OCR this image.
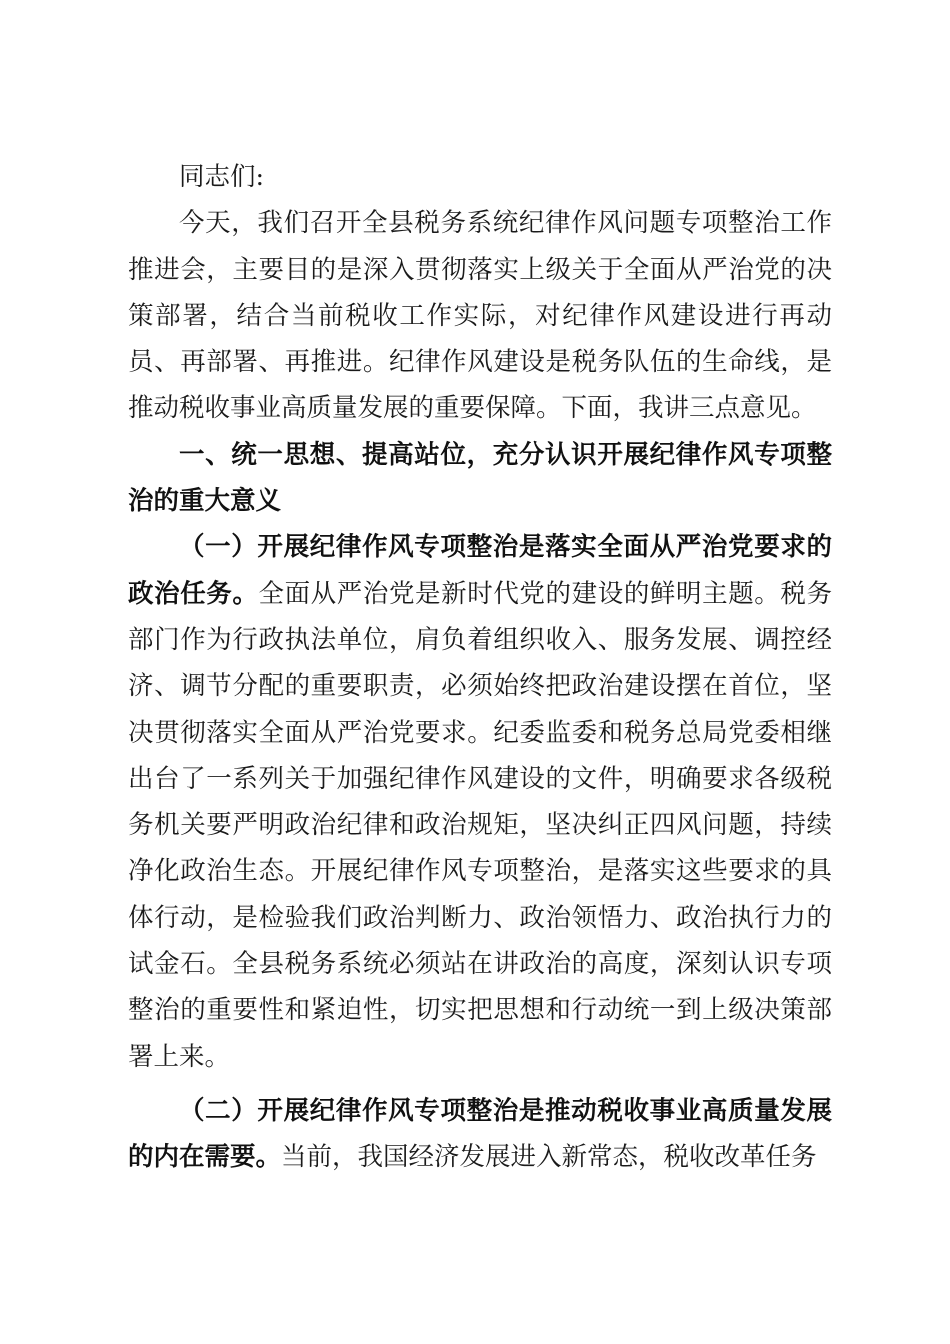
同志们:

今天，我们召开全县税务系统纪律作风问题专项整治工作推进会，主要目的是深入贯彻落实上级关于全面从严治党的决策部署，结合当前税收工作实际，对纪律作风建设进行再动员、再部署、再推进。纪律作风建设是税务队伍的生命线，是推动税收事业高质量发展的重要保障。下面，我讲三点意见。

一、统一思想、提高站位，充分认识开展纪律作风专项整治的重大意义

（一）开展纪律作风专项整治是落实全面从严治党要求的政治任务。全面从严治党是新时代党的建设的鲜明主题。税务部门作为行政执法单位，肩负着组织收入、服务发展、调控经济、调节分配的重要职责，必须始终把政治建设摆在首位，坚决贯彻落实全面从严治党要求。纪委监委和税务总局党委相继出台了一系列关于加强纪律作风建设的文件，明确要求各级税务机关要严明政治纪律和政治规矩，坚决纠正四风问题，持续净化政治生态。开展纪律作风专项整治，是落实这些要求的具体行动，是检验我们政治判断力、政治领悟力、政治执行力的试金石。全县税务系统必须站在讲政治的高度，深刻认识专项整治的重要性和紧迫性，切实把思想和行动统一到上级决策部署上来。

（二）开展纪律作风专项整治是推动税收事业高质量发展的内在需要。当前，我国经济发展进入新常态，税收改革任务
